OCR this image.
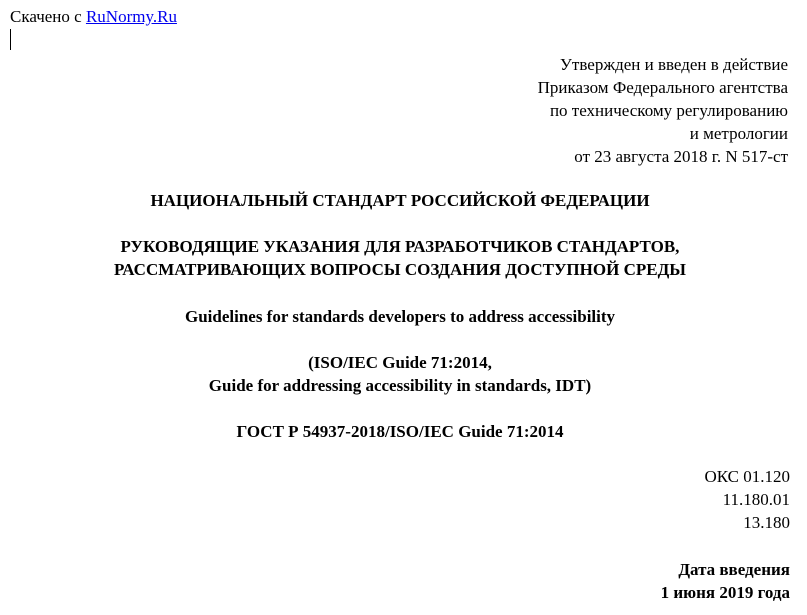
Скачено с RuNormy.Ru
Утвержден и введен в действие
Приказом Федерального агентства
по техническому регулированию
и метрологии
от 23 августа 2018 г. N 517-ст
НАЦИОНАЛЬНЫЙ СТАНДАРТ РОССИЙСКОЙ ФЕДЕРАЦИИ
РУКОВОДЯЩИЕ УКАЗАНИЯ ДЛЯ РАЗРАБОТЧИКОВ СТАНДАРТОВ,
РАССМАТРИВАЮЩИХ ВОПРОСЫ СОЗДАНИЯ ДОСТУПНОЙ СРЕДЫ
Guidelines for standards developers to address accessibility
(ISO/IEC Guide 71:2014,
Guide for addressing accessibility in standards, IDT)
ГОСТ Р 54937-2018/ISO/IEC Guide 71:2014
ОКС 01.120
11.180.01
13.180
Дата введения
1 июня 2019 года
